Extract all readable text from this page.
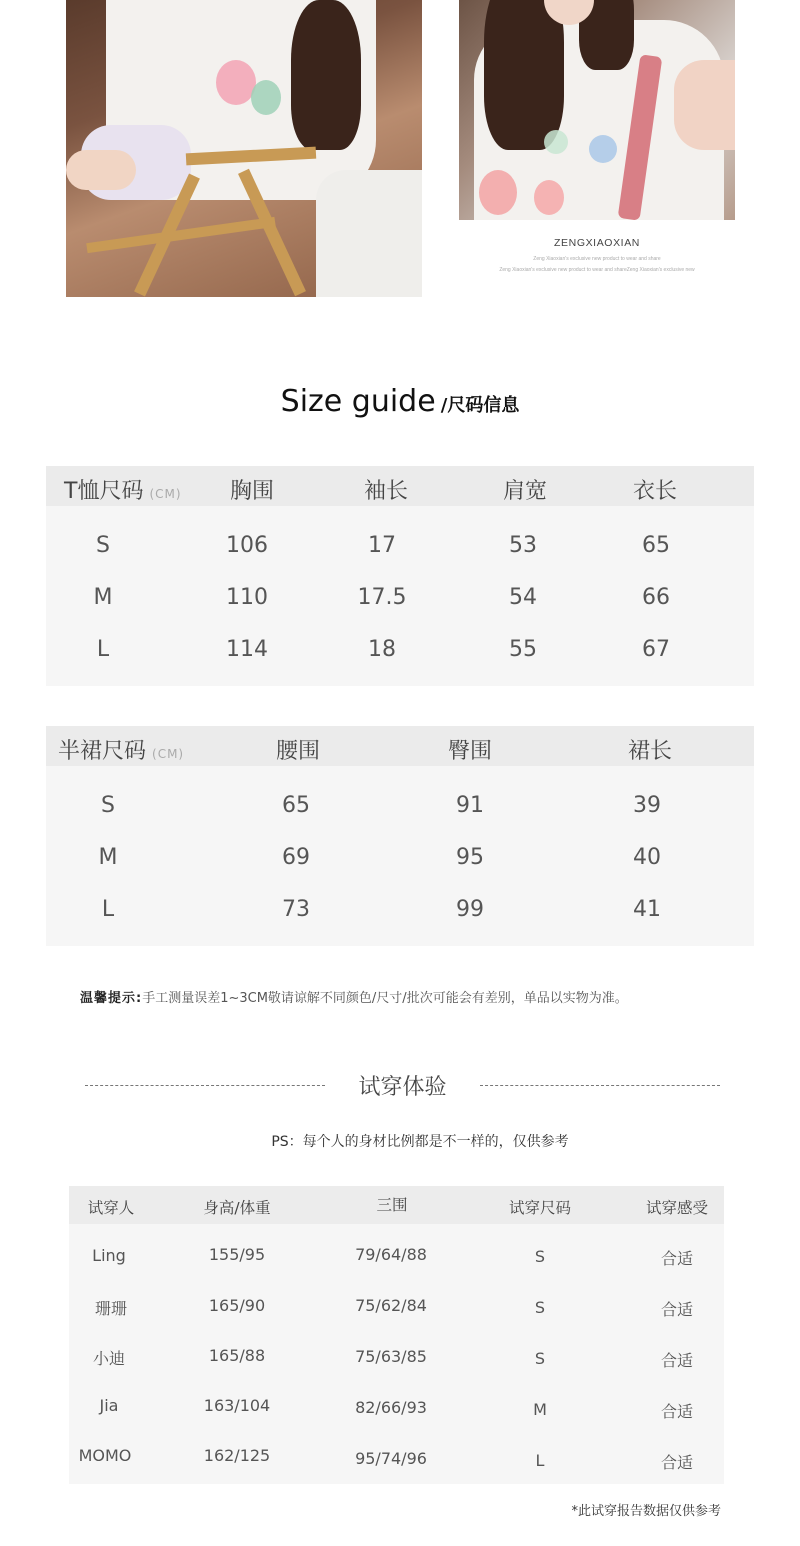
ZENGXIAOXIAN
Zeng Xiaoxian's exclusive new product to wear and share
Zeng Xiaoxian's exclusive new product to wear and shareZeng Xiaoxian's exclusive new
Size guide /尺码信息
T恤尺码 (CM) 胸围	袖长	肩宽	衣长
S	106	17	53	65
M	110	17.5	54	66
L	114	18	55	67
半裙尺码 (CM)	腰围	臀围	裙长
S	65	91	39
M	69	95	40
L	73	99	41
温馨提示:手工测量误差1~3CM敬请谅解不同颜色/尺寸/批次可能会有差别，单品以实物为准。
试穿体验
PS：每个人的身材比例都是不一样的，仅供参考
试穿人	身高/体重	三围	试穿尺码	试穿感受
Ling	155/95	79/64/88	S	合适
珊珊	165/90	75/62/84	S	合适
小迪	165/88	75/63/85	S	合适
Jia	163/104	82/66/93	M	合适
MOMO	162/125	95/74/96	L	合适
*此试穿报告数据仅供参考
